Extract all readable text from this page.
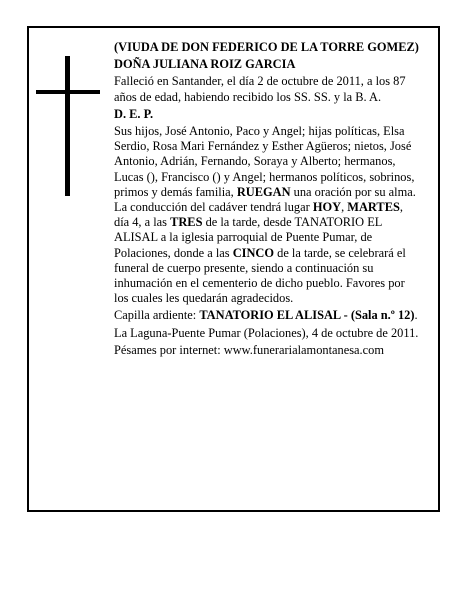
(VIUDA DE DON FEDERICO DE LA TORRE GOMEZ)

DOÑA JULIANA ROIZ GARCIA

Falleció en Santander, el día 2 de octubre de 2011, a los 87 años de edad, habiendo recibido los SS. SS. y la B. A.

D. E. P.

Sus hijos, José Antonio, Paco y Angel; hijas políticas, Elsa Serdio, Rosa Mari Fernández y Esther Agüeros; nietos, José Antonio, Adrián, Fernando, Soraya y Alberto; hermanos, Lucas (), Francisco () y Angel; hermanos políticos, sobrinos, primos y demás familia, RUEGAN una oración por su alma. La conducción del cadáver tendrá lugar HOY, MARTES, día 4, a las TRES de la tarde, desde TANATORIO EL ALISAL a la iglesia parroquial de Puente Pumar, de Polaciones, donde a las CINCO de la tarde, se celebrará el funeral de cuerpo presente, siendo a continuación su inhumación en el cementerio de dicho pueblo. Favores por los cuales les quedarán agradecidos.

Capilla ardiente: TANATORIO EL ALISAL - (Sala n.º 12).

La Laguna-Puente Pumar (Polaciones), 4 de octubre de 2011.

Pésames por internet: www.funerarialamontanesa.com
